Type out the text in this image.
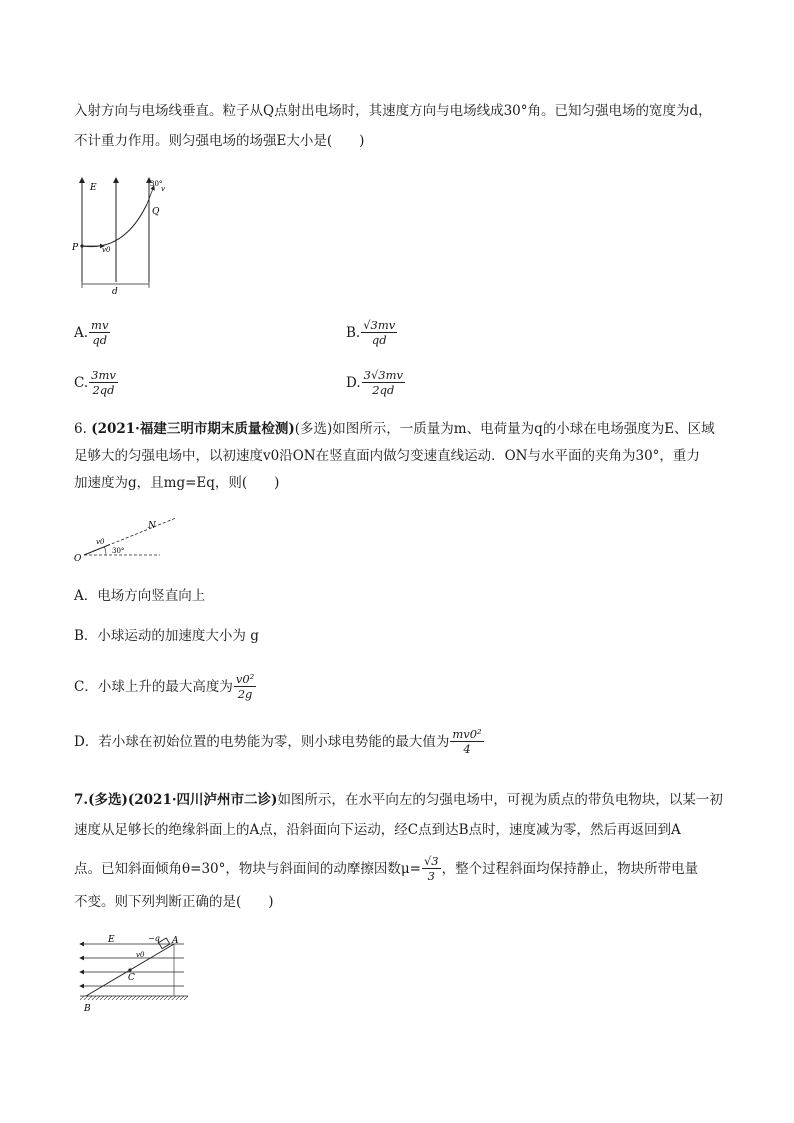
入射方向与电场线垂直。粒子从Q点射出电场时，其速度方向与电场线成30°角。已知匀强电场的宽度为d，
不计重力作用。则匀强电场的场强E大小是(　　)
E
P
Q
v0
30°
v
d
A. $\frac{mv}{qd}$	B. $\frac{√3mv}{qd}$
C. $\frac{3mv}{2qd}$	D. $\frac{3√3mv}{2qd}$
6. (2021·福建三明市期末质量检测)(多选)如图所示，一质量为m、电荷量为q的小球在电场强度为E、区域
足够大的匀强电场中，以初速度v0沿ON在竖直面内做匀变速直线运动．ON与水平面的夹角为30°，重力
加速度为g，且mg=Eq，则(　　)
O
N
v0
30°
A．电场方向竖直向上
B．小球运动的加速度大小为 g
C．小球上升的最大高度为 $\frac{\text{v0²}}{2g}$
D．若小球在初始位置的电势能为零，则小球电势能的最大值为 $\frac{\text{mv0²}}{4}$
7.(多选)(2021·四川泸州市二诊)如图所示，在水平向左的匀强电场中，可视为质点的带负电物块，以某一初
速度从足够长的绝缘斜面上的A点，沿斜面向下运动，经C点到达B点时，速度减为零，然后再返回到A
点。已知斜面倾角θ=30°，物块与斜面间的动摩擦因数$\mu= \frac{√3}{3}$ ，整个过程斜面均保持静止，物块所带电量
不变。则下列判断正确的是(　　)
E	−q A
v0
C
B
